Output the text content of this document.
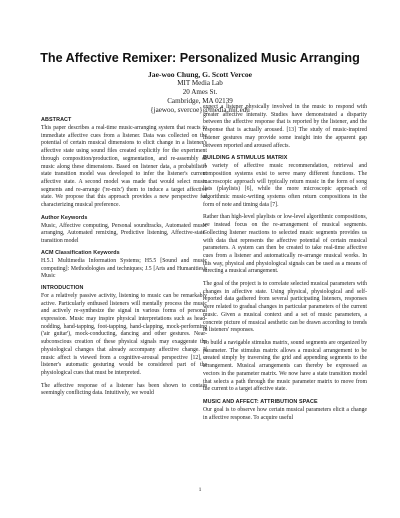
The Affective Remixer: Personalized Music Arranging
Jae-woo Chung, G. Scott Vercoe
MIT Media Lab
20 Ames St.
Cambridge, MA 02139
{jaewoo, svercoe}@media.mit.edu
ABSTRACT
This paper describes a real-time music-arranging system that reacts to immediate affective cues from a listener. Data was collected on the potential of certain musical dimensions to elicit change in a listener's affective state using sound files created explicitly for the experiment through composition/production, segmentation, and re-assembly of music along these dimensions. Based on listener data, a probabilistic state transition model was developed to infer the listener's current affective state. A second model was made that would select music segments and re-arrange ('re-mix') them to induce a target affective state. We propose that this approach provides a new perspective for characterizing musical preference.
Author Keywords
Music, Affective computing, Personal soundtracks, Automated music arranging, Automated remixing, Predictive listening, Affective-state-transition model
ACM Classification Keywords
H.5.1 Multimedia Information Systems; H5.5 [Sound and music computing]: Methodologies and techniques; J.5 [Arts and Humanities]: Music
INTRODUCTION
For a relatively passive activity, listening to music can be remarkably active. Particularly enthused listeners will mentally process the music and actively re-synthesize the signal in various forms of personal expression. Music may inspire physical interpretations such as head-nodding, hand-tapping, foot-tapping, hand-clapping, mock-performing ('air guitar'), mock-conducting, dancing and other gestures. Near-subconscious creation of these physical signals may exaggerate the physiological changes that already accompany affective change. If music affect is viewed from a cognitive-arousal perspective [12], a listener's automatic gesturing would be considered part of the physiological cues that must be interpreted.
The affective response of a listener has been shown to contain seemingly conflicting data. Intuitively, we would
expect a listener physically involved in the music to respond with greater affective intensity. Studies have demonstrated a disparity between the affective response that is reported by the listener, and the response that is actually aroused. [13] The study of music-inspired listener gestures may provide some insight into the apparent gap between reported and aroused affects.
BUILDING A STIMULUS MATRIX
A variety of affective music recommendation, retrieval and composition systems exist to serve many different functions. The macroscopic approach will typically return music in the form of song lists (playlists) [6], while the more microscopic approach of algorithmic music-writing systems often return compositions in the form of note and timing data [7].
Rather than high-level playlists or low-level algorithmic compositions, we instead focus on the re-arrangement of musical segments. Collecting listener reactions to selected music segments provides us with data that represents the affective potential of certain musical parameters. A system can then be created to take real-time affective cues from a listener and automatically re-arrange musical works. In this way, physical and physiological signals can be used as a means of directing a musical arrangement.
The goal of the project is to correlate selected musical parameters with changes in affective state. Using physical, physiological and self-reported data gathered from several participating listeners, responses were related to gradual changes in particular parameters of the current music. Given a musical context and a set of music parameters, a concrete picture of musical aesthetic can be drawn according to trends in listeners' responses.
To build a navigable stimulus matrix, sound segments are organized by parameter. The stimulus matrix allows a musical arrangement to be created simply by traversing the grid and appending segments to the arrangement. Musical arrangements can thereby be expressed as vectors in the parameter matrix. We now have a state transition model that selects a path through the music parameter matrix to move from the current to a target affective state.
MUSIC AND AFFECT: ATTRIBUTION SPACE
Our goal is to observe how certain musical parameters elicit a change in affective response. To acquire useful
1
